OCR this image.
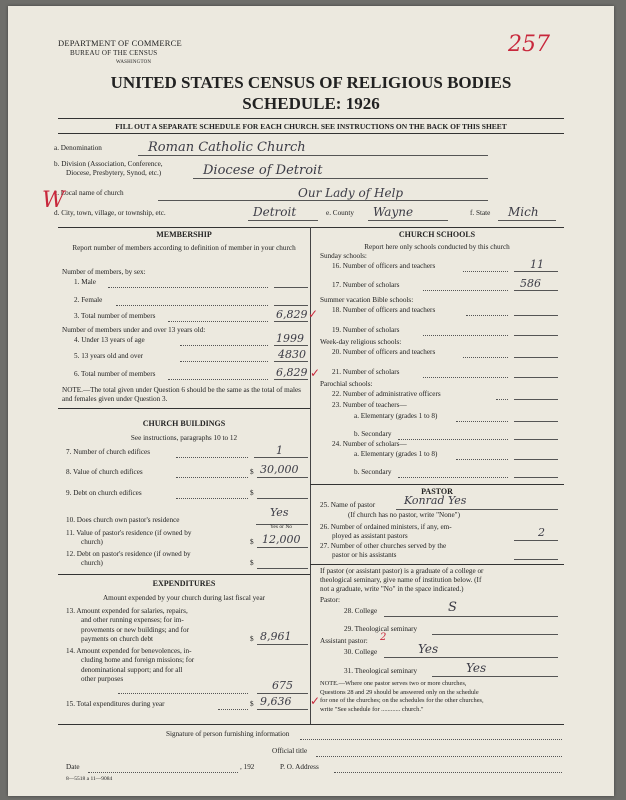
DEPARTMENT OF COMMERCE
BUREAU OF THE CENSUS
WASHINGTON
257
UNITED STATES CENSUS OF RELIGIOUS BODIES
SCHEDULE: 1926
FILL OUT A SEPARATE SCHEDULE FOR EACH CHURCH. SEE INSTRUCTIONS ON THE BACK OF THIS SHEET
a. Denomination	Roman Catholic Church
b. Division (Association, Conference,
Diocese, Presbytery, Synod, etc.)	Diocese of Detroit
c. Local name of church	Our Lady of Help
W
d. City, town, village, or township, etc.	Detroit	e. County Wayne	f. State Mich
MEMBERSHIP
Report number of members according to definition of member in your church
Number of members, by sex:
1. Male
2. Female
3. Total number of members	6,829 ✓
Number of members under and over 13 years old:
4. Under 13 years of age	1999
5. 13 years old and over	4830
6. Total number of members	6,829 ✓
NOTE.—The total given under Question 6 should be the same as the total of males and females given under Question 3.
CHURCH BUILDINGS
See instructions, paragraphs 10 to 12
7. Number of church edifices	1
8. Value of church edifices	$ 30,000
9. Debt on church edifices	$
10. Does church own pastor's residence
Yes
Yes or No
11. Value of pastor's residence (if owned by
church)	$ 12,000
12. Debt on pastor's residence (if owned by
church)	$
EXPENDITURES
Amount expended by your church during last fiscal year
13. Amount expended for salaries, repairs,
and other running expenses; for im-
provements or new buildings; and for
payments on church debt	$ 8,961
14. Amount expended for benevolences, in-
cluding home and foreign missions; for
denominational support; and for all
other purposes
675
15. Total expenditures during year	$ 9,636 ✓
CHURCH SCHOOLS
Report here only schools conducted by this church
Sunday schools:
16. Number of officers and teachers	11
17. Number of scholars	586
Summer vacation Bible schools:
18. Number of officers and teachers
19. Number of scholars
Week-day religious schools:
20. Number of officers and teachers
21. Number of scholars
Parochial schools:
22. Number of administrative officers
23. Number of teachers—
a. Elementary (grades 1 to 8)
b. Secondary
24. Number of scholars—
a. Elementary (grades 1 to 8)
b. Secondary
PASTOR
25. Name of pastor	Konrad Yes
(If church has no pastor, write "None")
26. Number of ordained ministers, if any, em-
ployed as assistant pastors	2
27. Number of other churches served by the
pastor or his assistants
If pastor (or assistant pastor) is a graduate of a college or
theological seminary, give name of institution below. (If
not a graduate, write "No" in the space indicated.)
Pastor:
28. College	S
29. Theological seminary
Assistant pastor: 2
30. College	Yes
31. Theological seminary	Yes
NOTE.—Where one pastor serves two or more churches,
Questions 28 and 29 should be answered only on the schedule
for one of the churches; on the schedules for the other churches,
write "See schedule for ............ church."
Signature of person furnishing information
Official title
Date	, 192	P. O. Address
8—5518 a 11—9084
